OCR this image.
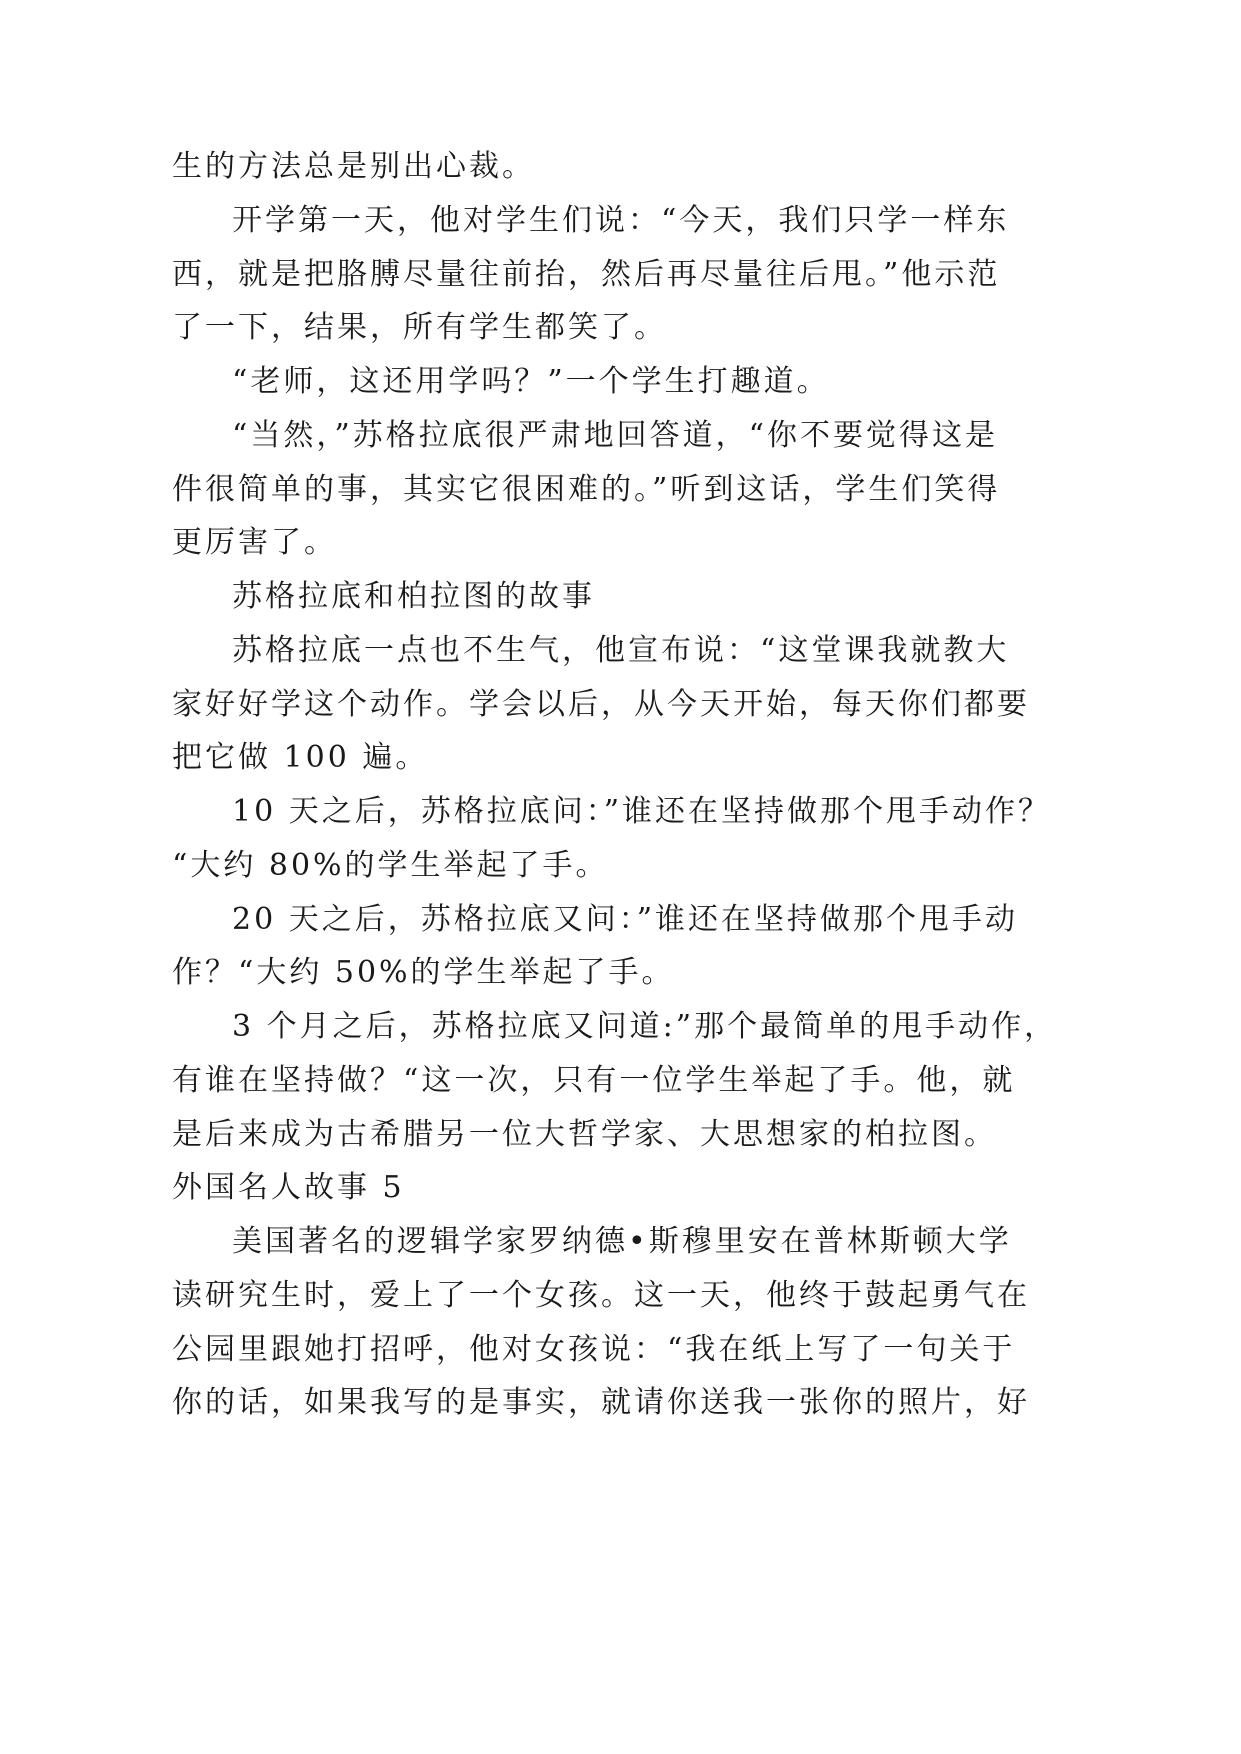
生的方法总是别出心裁。
开学第一天，他对学生们说：“今天，我们只学一样东
西，就是把胳膊尽量往前抬，然后再尽量往后甩。”他示范
了一下，结果，所有学生都笑了。
“老师，这还用学吗？”一个学生打趣道。
“当然，”苏格拉底很严肃地回答道，“你不要觉得这是
件很简单的事，其实它很困难的。”听到这话，学生们笑得
更厉害了。
苏格拉底和柏拉图的故事
苏格拉底一点也不生气，他宣布说：“这堂课我就教大
家好好学这个动作。学会以后，从今天开始，每天你们都要
把它做 100 遍。
10 天之后，苏格拉底问：”谁还在坚持做那个甩手动作？
“大约 80%的学生举起了手。
20 天之后，苏格拉底又问：”谁还在坚持做那个甩手动
作？“大约 50%的学生举起了手。
3 个月之后，苏格拉底又问道:”那个最简单的甩手动作，
有谁在坚持做？“这一次，只有一位学生举起了手。他，就
是后来成为古希腊另一位大哲学家、大思想家的柏拉图。
外国名人故事 5
美国著名的逻辑学家罗纳德•斯穆里安在普林斯顿大学
读研究生时，爱上了一个女孩。这一天，他终于鼓起勇气在
公园里跟她打招呼，他对女孩说：“我在纸上写了一句关于
你的话，如果我写的是事实，就请你送我一张你的照片，好
